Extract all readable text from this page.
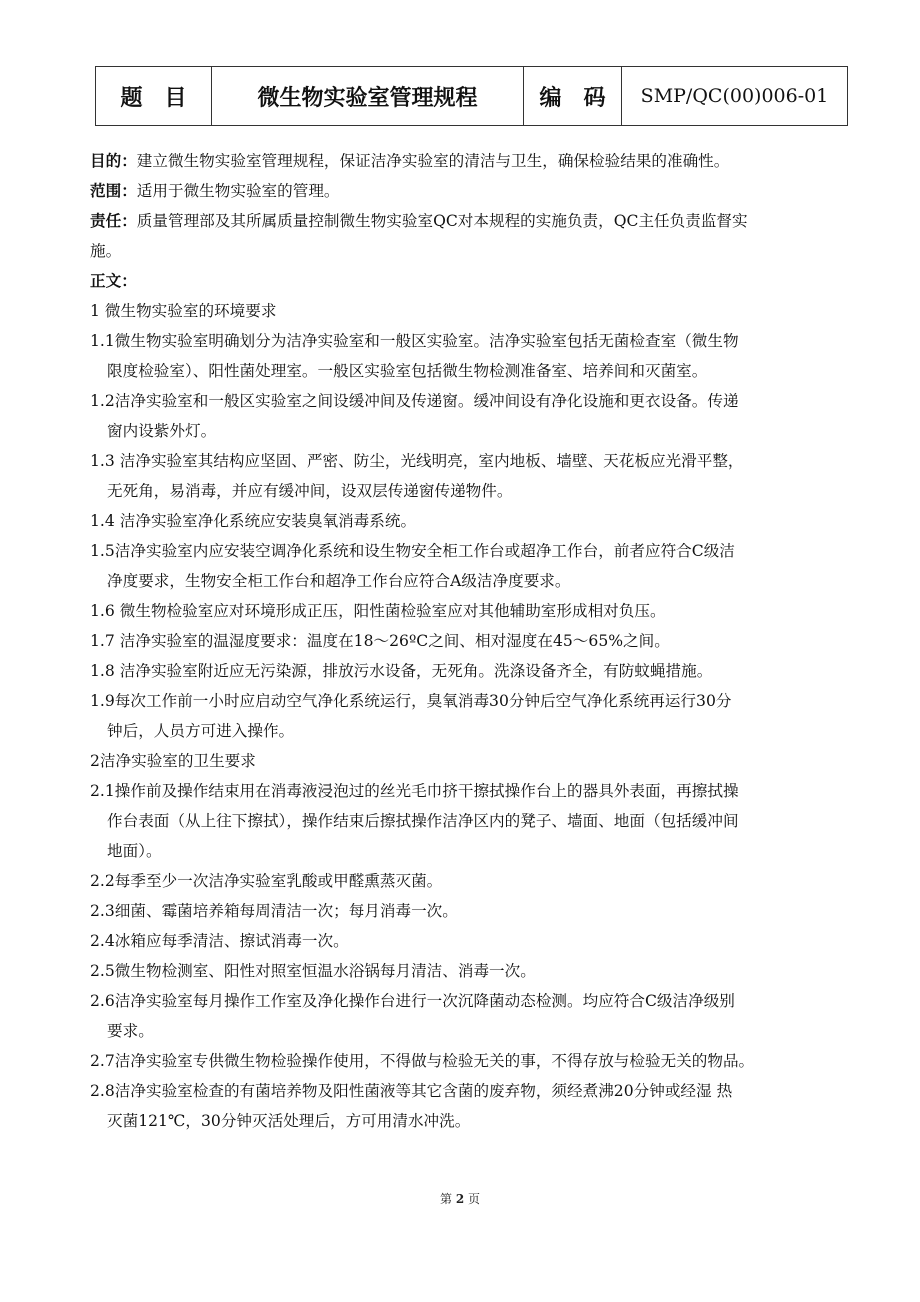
题　目	微生物实验室管理规程	编　码	SMP/QC(00)006-01
目的：建立微生物实验室管理规程，保证洁净实验室的清洁与卫生，确保检验结果的准确性。
范围：适用于微生物实验室的管理。
责任：质量管理部及其所属质量控制微生物实验室QC对本规程的实施负责，QC主任负责监督实
施。
正文：
1 微生物实验室的环境要求
1.1微生物实验室明确划分为洁净实验室和一般区实验室。洁净实验室包括无菌检查室（微生物
限度检验室）、阳性菌处理室。一般区实验室包括微生物检测准备室、培养间和灭菌室。
1.2洁净实验室和一般区实验室之间设缓冲间及传递窗。缓冲间设有净化设施和更衣设备。传递
窗内设紫外灯。
1.3 洁净实验室其结构应坚固、严密、防尘，光线明亮，室内地板、墙壁、天花板应光滑平整，
无死角，易消毒，并应有缓冲间，设双层传递窗传递物件。
1.4 洁净实验室净化系统应安装臭氧消毒系统。
1.5洁净实验室内应安装空调净化系统和设生物安全柜工作台或超净工作台，前者应符合C级洁
净度要求，生物安全柜工作台和超净工作台应符合A级洁净度要求。
1.6 微生物检验室应对环境形成正压，阳性菌检验室应对其他辅助室形成相对负压。
1.7 洁净实验室的温湿度要求：温度在18～26ºC之间、相对湿度在45～65%之间。
1.8 洁净实验室附近应无污染源，排放污水设备，无死角。洗涤设备齐全，有防蚊蝇措施。
1.9每次工作前一小时应启动空气净化系统运行，臭氧消毒30分钟后空气净化系统再运行30分
钟后，人员方可进入操作。
2洁净实验室的卫生要求
2.1操作前及操作结束用在消毒液浸泡过的丝光毛巾挤干擦拭操作台上的器具外表面，再擦拭操
作台表面（从上往下擦拭），操作结束后擦拭操作洁净区内的凳子、墙面、地面（包括缓冲间
地面）。
2.2每季至少一次洁净实验室乳酸或甲醛熏蒸灭菌。
2.3细菌、霉菌培养箱每周清洁一次；每月消毒一次。
2.4冰箱应每季清洁、擦试消毒一次。
2.5微生物检测室、阳性对照室恒温水浴锅每月清洁、消毒一次。
2.6洁净实验室每月操作工作室及净化操作台进行一次沉降菌动态检测。均应符合C级洁净级别
要求。
2.7洁净实验室专供微生物检验操作使用，不得做与检验无关的事，不得存放与检验无关的物品。
2.8洁净实验室检查的有菌培养物及阳性菌液等其它含菌的废弃物，须经煮沸20分钟或经湿 热
灭菌121℃，30分钟灭活处理后，方可用清水冲洗。
第 2 页
